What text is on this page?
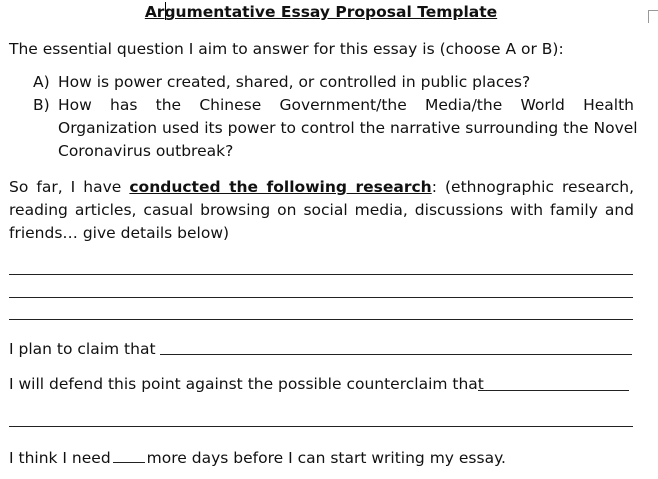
Argumentative Essay Proposal Template
The essential question I aim to answer for this essay is (choose A or B):
A) How is power created, shared, or controlled in public places?
B) How has the Chinese Government/the Media/the World Health
Organization used its power to control the narrative surrounding the Novel
Coronavirus outbreak?
So far, I have conducted the following research: (ethnographic research,
reading articles, casual browsing on social media, discussions with family and
friends… give details below)
I plan to claim that
I will defend this point against the possible counterclaim that
I think I need more days before I can start writing my essay.
